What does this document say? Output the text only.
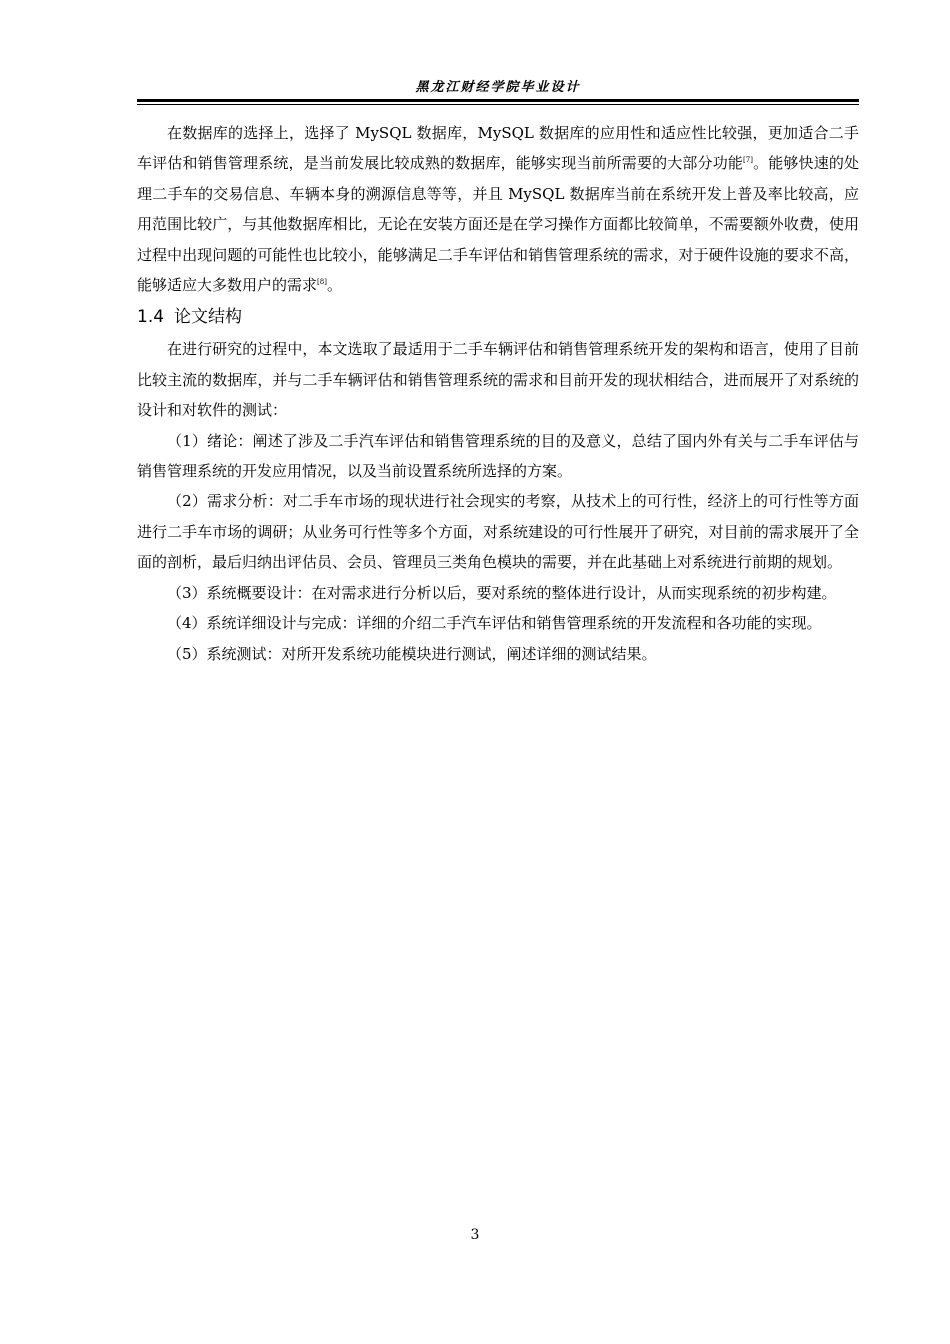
黑龙江财经学院毕业设计

在数据库的选择上，选择了 MySQL 数据库，MySQL 数据库的应用性和适应性比较强，更加适合二手车评估和销售管理系统，是当前发展比较成熟的数据库，能够实现当前所需要的大部分功能[7]。能够快速的处理二手车的交易信息、车辆本身的溯源信息等等，并且 MySQL 数据库当前在系统开发上普及率比较高，应用范围比较广，与其他数据库相比，无论在安装方面还是在学习操作方面都比较简单，不需要额外收费，使用过程中出现问题的可能性也比较小，能够满足二手车评估和销售管理系统的需求，对于硬件设施的要求不高，能够适应大多数用户的需求[8]。

1.4 论文结构

在进行研究的过程中，本文选取了最适用于二手车辆评估和销售管理系统开发的架构和语言，使用了目前比较主流的数据库，并与二手车辆评估和销售管理系统的需求和目前开发的现状相结合，进而展开了对系统的设计和对软件的测试：

（1）绪论：阐述了涉及二手汽车评估和销售管理系统的目的及意义，总结了国内外有关与二手车评估与销售管理系统的开发应用情况，以及当前设置系统所选择的方案。

（2）需求分析：对二手车市场的现状进行社会现实的考察，从技术上的可行性，经济上的可行性等方面进行二手车市场的调研；从业务可行性等多个方面，对系统建设的可行性展开了研究，对目前的需求展开了全面的剖析，最后归纳出评估员、会员、管理员三类角色模块的需要，并在此基础上对系统进行前期的规划。

（3）系统概要设计：在对需求进行分析以后，要对系统的整体进行设计，从而实现系统的初步构建。

（4）系统详细设计与完成：详细的介绍二手汽车评估和销售管理系统的开发流程和各功能的实现。

（5）系统测试：对所开发系统功能模块进行测试，阐述详细的测试结果。

3
